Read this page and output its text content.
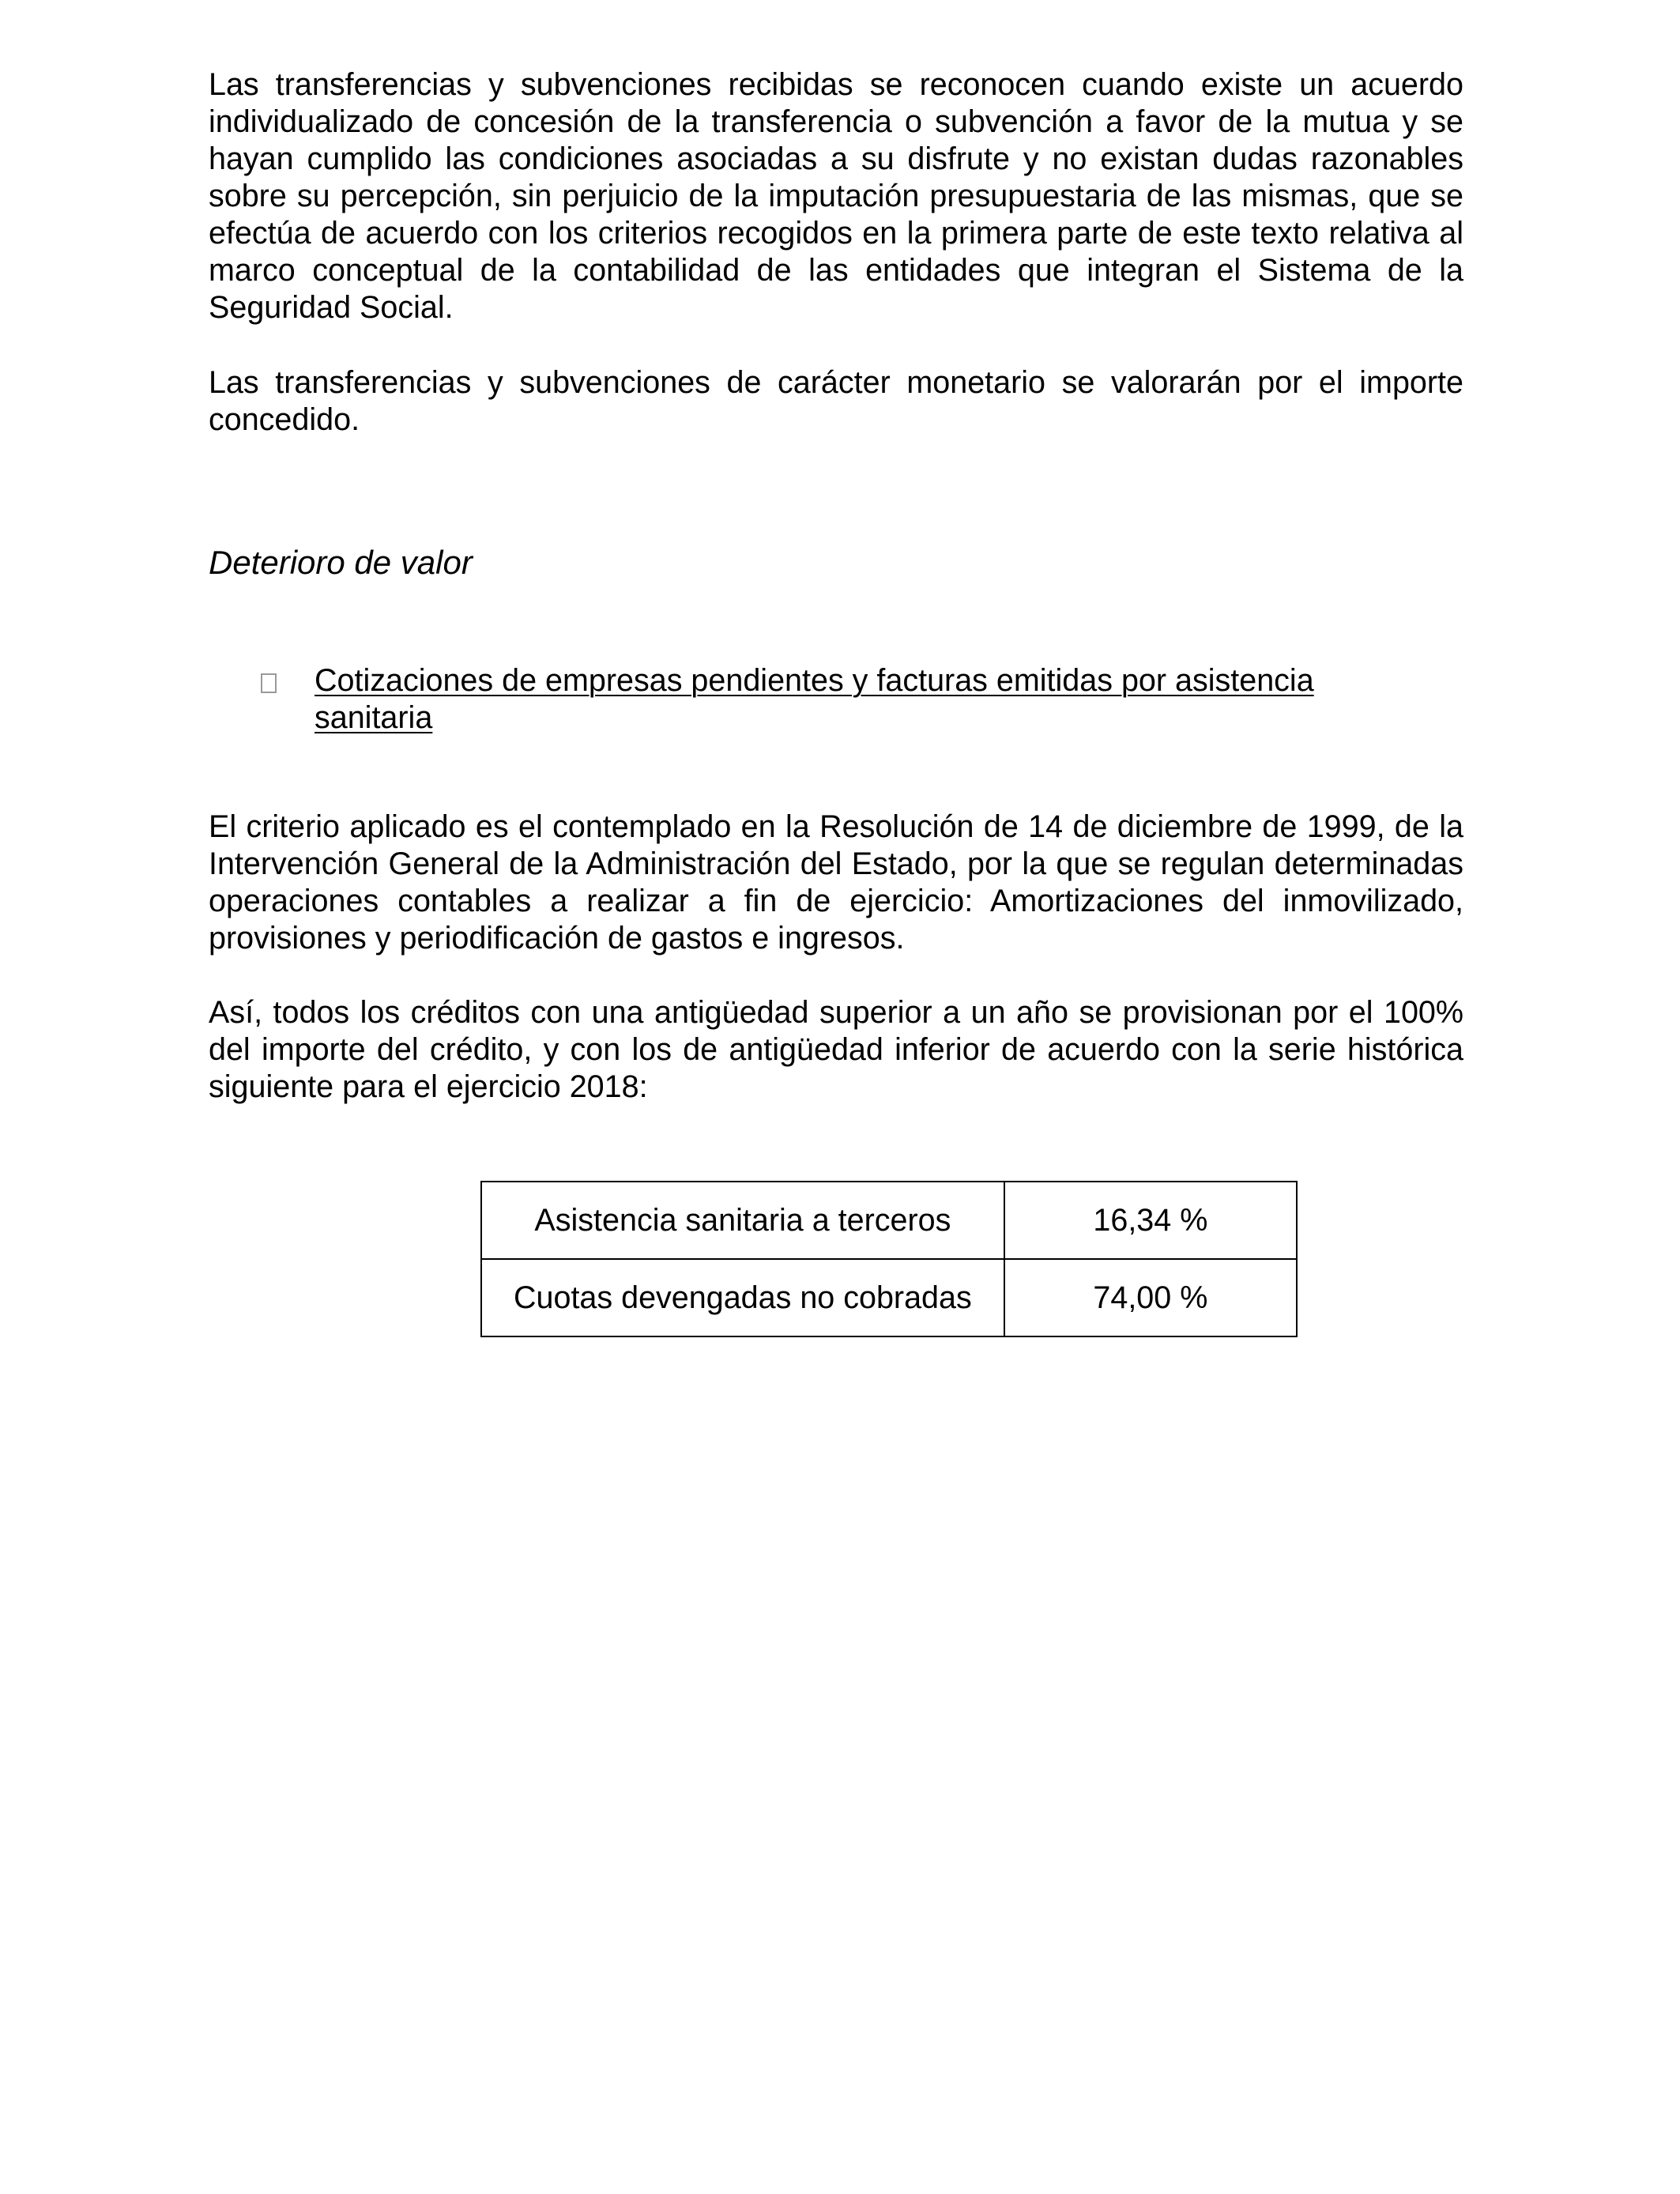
Las transferencias y subvenciones recibidas se reconocen cuando existe un acuerdo individualizado de concesión de la transferencia o subvención a favor de la mutua y se hayan cumplido las condiciones asociadas a su disfrute y no existan dudas razonables sobre su percepción, sin perjuicio de la imputación presupuestaria de las mismas, que se efectúa de acuerdo con los criterios recogidos en la primera parte de este texto relativa al marco conceptual de la contabilidad de las entidades que integran el Sistema de la Seguridad Social.

Las transferencias y subvenciones de carácter monetario se valorarán por el importe concedido.

Deterioro de valor
Cotizaciones de empresas pendientes y facturas emitidas por asistencia sanitaria

El criterio aplicado es el contemplado en la Resolución de 14 de diciembre de 1999, de la Intervención General de la Administración del Estado, por la que se regulan determinadas operaciones contables a realizar a fin de ejercicio: Amortizaciones del inmovilizado, provisiones y periodificación de gastos e ingresos.

Así, todos los créditos con una antigüedad superior a un año se provisionan por el 100% del importe del crédito, y con los de antigüedad inferior de acuerdo con la serie histórica siguiente para el ejercicio 2018:

Asistencia sanitaria a terceros	16,34 %
Cuotas devengadas no cobradas	74,00 %
